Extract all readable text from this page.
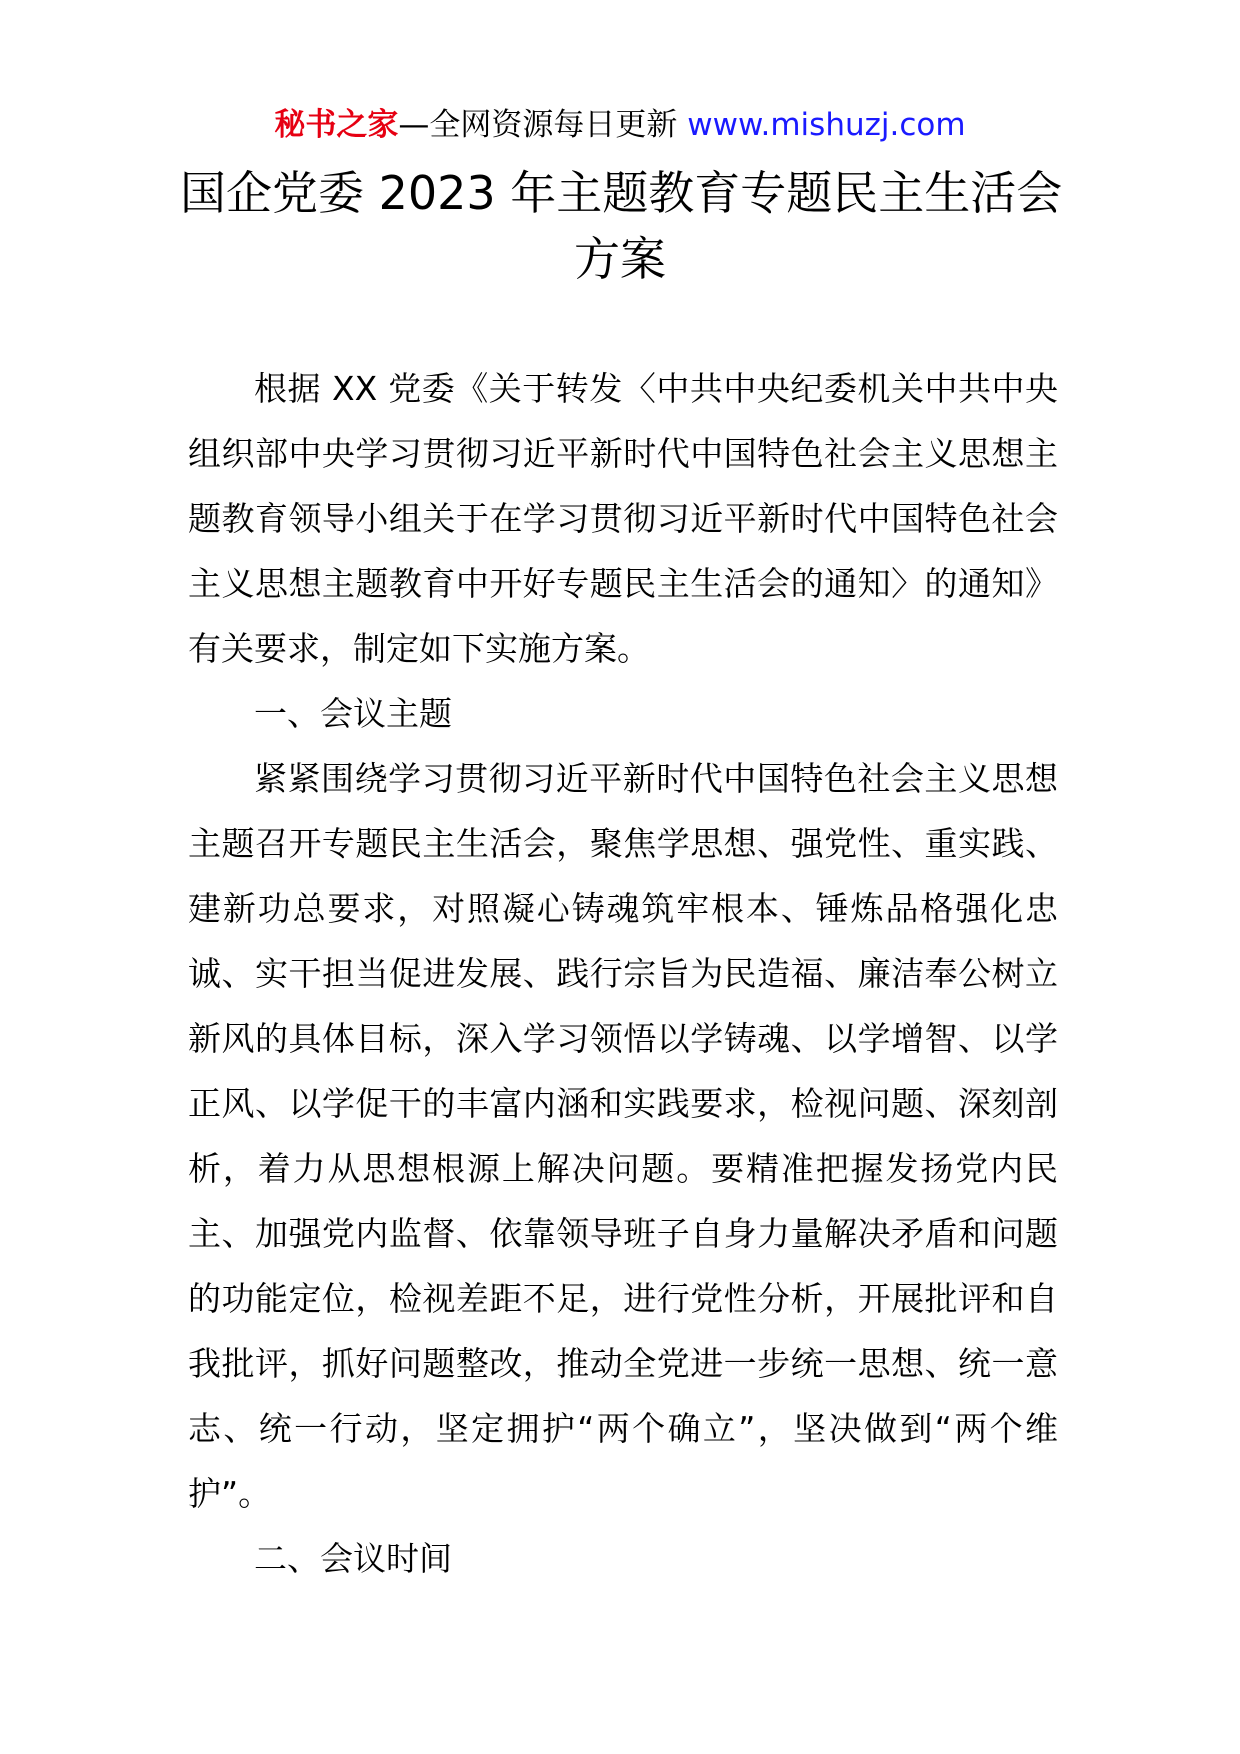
秘书之家—全网资源每日更新 www.mishuzj.com
国企党委 2023 年主题教育专题民主生活会
方案

根据 XX 党委《关于转发〈中共中央纪委机关中共中央组织部中央学习贯彻习近平新时代中国特色社会主义思想主题教育领导小组关于在学习贯彻习近平新时代中国特色社会主义思想主题教育中开好专题民主生活会的通知〉的通知》有关要求，制定如下实施方案。

一、会议主题

紧紧围绕学习贯彻习近平新时代中国特色社会主义思想主题召开专题民主生活会，聚焦学思想、强党性、重实践、建新功总要求，对照凝心铸魂筑牢根本、锤炼品格强化忠诚、实干担当促进发展、践行宗旨为民造福、廉洁奉公树立新风的具体目标，深入学习领悟以学铸魂、以学增智、以学正风、以学促干的丰富内涵和实践要求，检视问题、深刻剖析，着力从思想根源上解决问题。要精准把握发扬党内民主、加强党内监督、依靠领导班子自身力量解决矛盾和问题的功能定位，检视差距不足，进行党性分析，开展批评和自我批评，抓好问题整改，推动全党进一步统一思想、统一意志、统一行动，坚定拥护“两个确立”，坚决做到“两个维护”。

二、会议时间
